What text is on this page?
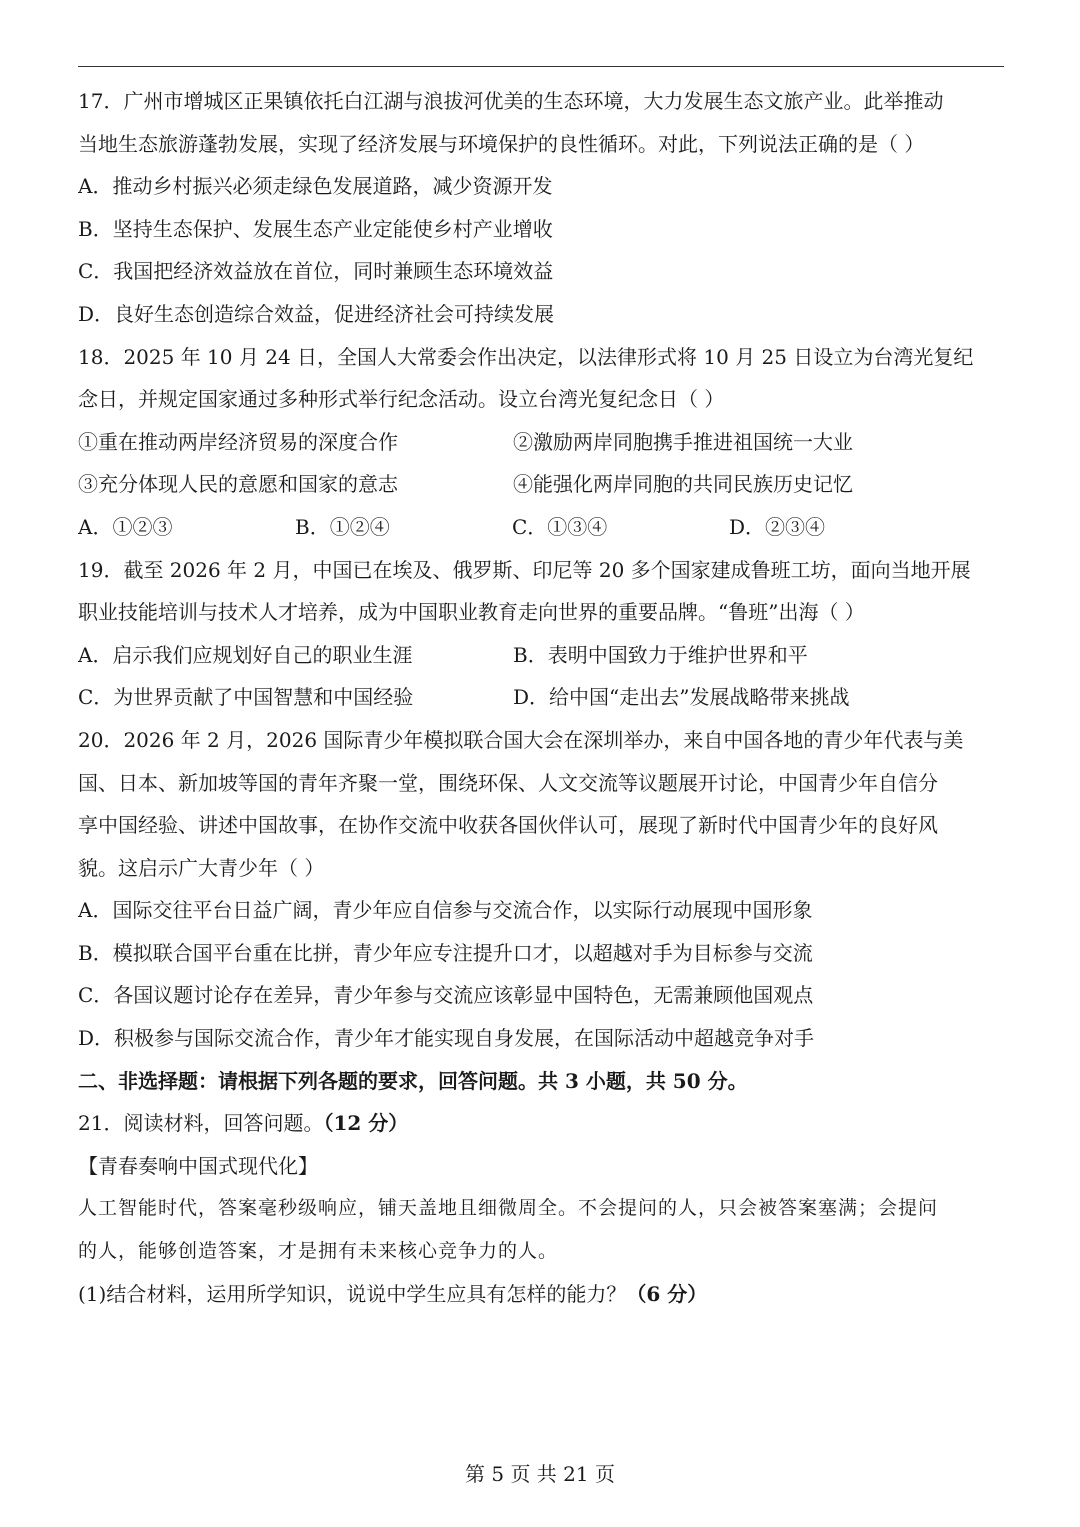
17．广州市增城区正果镇依托白江湖与浪拔河优美的生态环境，大力发展生态文旅产业。此举推动
当地生态旅游蓬勃发展，实现了经济发展与环境保护的良性循环。对此，下列说法正确的是（ ）
A．推动乡村振兴必须走绿色发展道路，减少资源开发
B．坚持生态保护、发展生态产业定能使乡村产业增收
C．我国把经济效益放在首位，同时兼顾生态环境效益
D．良好生态创造综合效益，促进经济社会可持续发展
18．2025 年 10 月 24 日，全国人大常委会作出决定，以法律形式将 10 月 25 日设立为台湾光复纪
念日，并规定国家通过多种形式举行纪念活动。设立台湾光复纪念日（ ）
①重在推动两岸经济贸易的深度合作	②激励两岸同胞携手推进祖国统一大业
③充分体现人民的意愿和国家的意志	④能强化两岸同胞的共同民族历史记忆
A．①②③	B．①②④	C．①③④	D．②③④
19．截至 2026 年 2 月，中国已在埃及、俄罗斯、印尼等 20 多个国家建成鲁班工坊，面向当地开展
职业技能培训与技术人才培养，成为中国职业教育走向世界的重要品牌。“鲁班”出海（ ）
A．启示我们应规划好自己的职业生涯	B．表明中国致力于维护世界和平
C．为世界贡献了中国智慧和中国经验	D．给中国“走出去”发展战略带来挑战
20．2026 年 2 月，2026 国际青少年模拟联合国大会在深圳举办，来自中国各地的青少年代表与美
国、日本、新加坡等国的青年齐聚一堂，围绕环保、人文交流等议题展开讨论，中国青少年自信分
享中国经验、讲述中国故事，在协作交流中收获各国伙伴认可，展现了新时代中国青少年的良好风
貌。这启示广大青少年（ ）
A．国际交往平台日益广阔，青少年应自信参与交流合作，以实际行动展现中国形象
B．模拟联合国平台重在比拼，青少年应专注提升口才，以超越对手为目标参与交流
C．各国议题讨论存在差异，青少年参与交流应该彰显中国特色，无需兼顾他国观点
D．积极参与国际交流合作，青少年才能实现自身发展，在国际活动中超越竞争对手
二、非选择题：请根据下列各题的要求，回答问题。共 3 小题，共 50 分。
21．阅读材料，回答问题。（12 分）
【青春奏响中国式现代化】
人工智能时代，答案毫秒级响应，铺天盖地且细微周全。不会提问的人，只会被答案塞满；会提问
的人，能够创造答案，才是拥有未来核心竞争力的人。
(1)结合材料，运用所学知识，说说中学生应具有怎样的能力？（6 分）
第 5 页 共 21 页
